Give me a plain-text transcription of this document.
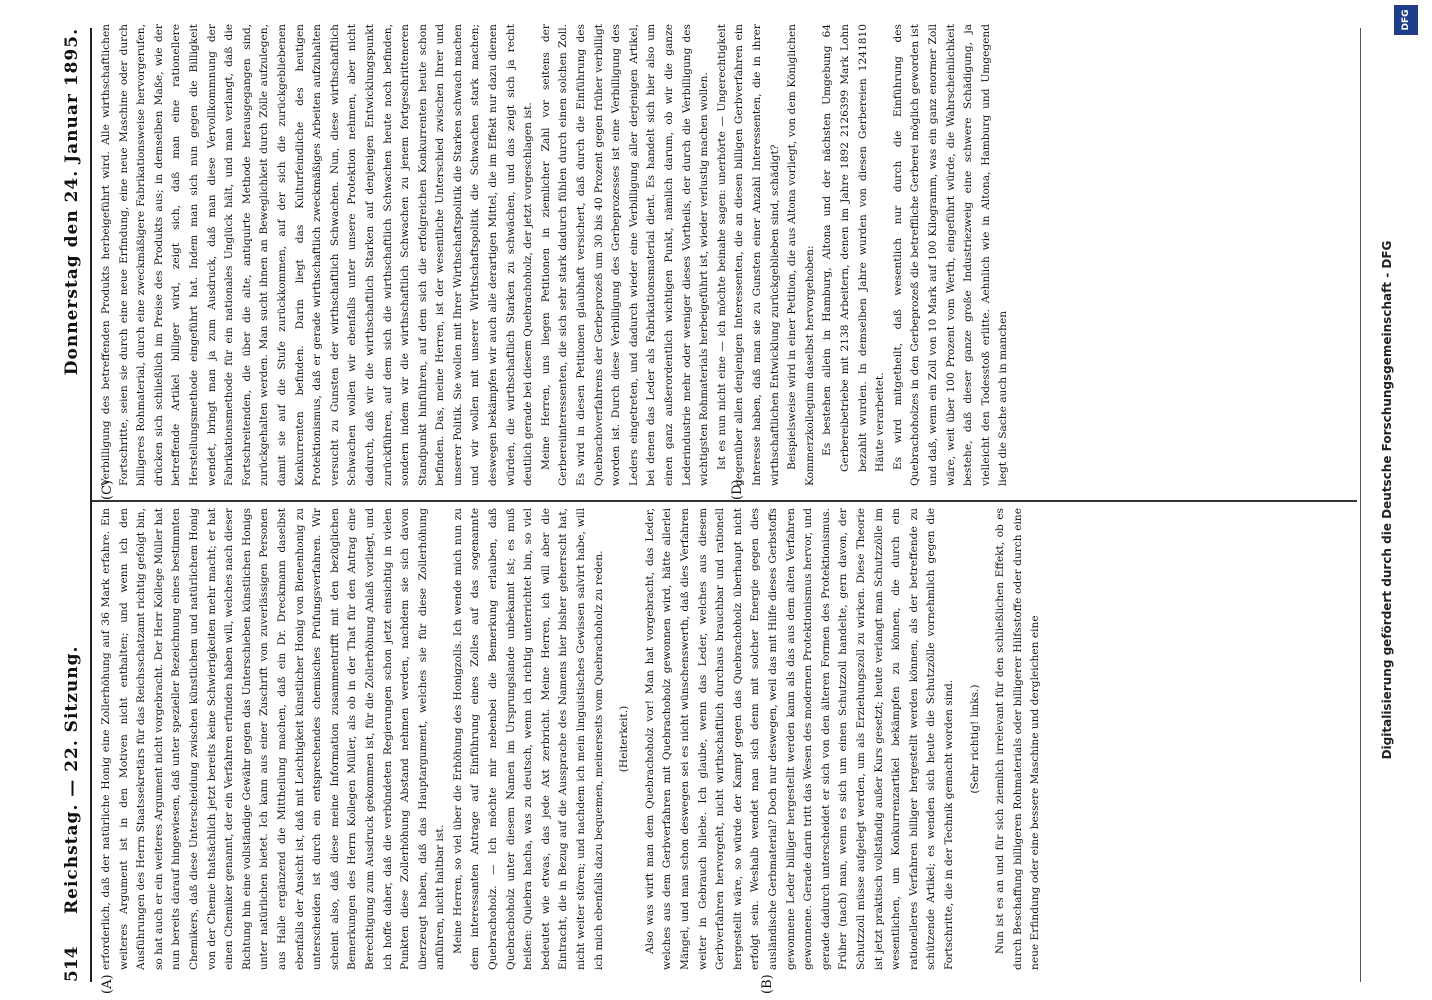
514
Reichstag. — 22. Sitzung.
Donnerstag den 24. Januar 1895.
(A)	(B)
(C)	(D)

erforderlich, daß der natürliche Honig eine Zollerhöhung auf 36 Mark erfahre. Ein weiteres Argument ist in den Motiven nicht enthalten; und wenn ich den Ausführungen des Herrn Staatssekretärs für das Reichsschatzamt richtig gefolgt bin, so hat auch er ein weiteres Argument nicht vorgebracht. Der Herr Kollege Müller hat nun bereits darauf hingewiesen, daß unter spezieller Bezeichnung eines bestimmten Chemikers, daß diese Unterscheidung zwischen künstlichem und natürlichem Honig von der Chemie thatsächlich jetzt bereits keine Schwierigkeiten mehr macht; er hat einen Chemiker genannt, der ein Verfahren erfunden haben will, welches nach dieser Richtung hin eine vollständige Gewähr gegen das Unterschieben künstlichen Honigs unter natürlichen bietet. Ich kann aus einer Zuschrift von zuverlässigen Personen aus Halle ergänzend die Mittheilung machen, daß ein Dr. Dreckmann daselbst ebenfalls der Ansicht ist, daß mit Leichtigkeit künstlicher Honig von Bienenhonig zu unterscheiden ist durch ein entsprechendes chemisches Prüfungsverfahren. Wir scheint also, daß diese meine Information zusammentrifft mit den bezüglichen Bemerkungen des Herrn Kollegen Müller, als ob in der That für den Antrag eine Berechtigung zum Ausdruck gekommen ist, für die Zollerhöhung Anlaß vorliegt, und ich hoffe daher, daß die verbündeten Regierungen schon jetzt einsichtig in vielen Punkten diese Zollerhöhung Abstand nehmen werden, nachdem sie sich davon überzeugt haben, daß das Hauptargument, welches sie für diese Zollerhöhung anführen, nicht haltbar ist. Meine Herren, so viel über die Erhöhung des Honigzolls. Ich wende mich nun zu dem interessanten Antrage auf Einführung eines Zolles auf das sogenannte Quebrachoholz. — Ich möchte mir nebenbei die Bemerkung erlauben, daß Quebrachoholz unter diesem Namen im Ursprungslande unbekannt ist; es muß heißen: Quiebra hacha, was zu deutsch, wenn ich richtig unterrichtet bin, so viel bedeutet wie etwas, das jede Axt zerbricht. Meine Herren, ich will aber die Eintracht, die in Bezug auf die Aussprache des Namens hier bisher geherrscht hat, nicht weiter stören; und nachdem ich mein linguistisches Gewissen salvirt habe, will ich mich ebenfalls dazu bequemen, meinerseits vom Quebrachoholz zu reden.	(Heiterkeit.)	Also was wirft man dem Quebrachoholz vor! Man hat vorgebracht, das Leder, welches aus dem Gerbverfahren mit Quebrachoholz gewonnen wird, hätte allerlei Mängel, und man schon deswegen sei es nicht wünschenswerth, daß dies Verfahren weiter in Gebrauch bliebe. Ich glaube, wenn das Leder, welches aus diesem Gerbverfahren hervorgeht, nicht wirthschaftlich durchaus brauchbar und rationell hergestellt wäre, so würde der Kampf gegen das Quebrachoholz überhaupt nicht erfolgt sein. Weshalb wendet man sich denn mit solcher Energie gegen dies ausländische Gerbmaterial? Doch nur deswegen, weil das mit Hilfe dieses Gerbstoffs gewonnene Leder billiger hergestellt werden kann als das aus dem alten Verfahren gewonnene. Gerade darin tritt das Wesen des modernen Protektionismus hervor, und gerade dadurch unterscheidet er sich von den älteren Formen des Protektionismus. Früher (nach) man, wenn es sich um einen Schutzzoll handelte, gern davon, der Schutzzoll müsse aufgelegt werden, um als Erziehungszoll zu wirken. Diese Theorie ist jetzt praktisch vollständig außer Kurs gesetzt; heute verlangt man Schutzzölle im wesentlichen, um Konkurrenzartikel bekämpfen zu können, die durch ein rationelleres Verfahren billiger hergestellt werden können, als der betreffende zu schützende Artikel; es wenden sich heute die Schutzzölle vornehmlich gegen die Fortschritte, die in der Technik gemacht worden sind.	(Sehr richtig! links.)	Nun ist es an und für sich ziemlich irrelevant für den schließlichen Effekt, ob es durch Beschaffung billigeren Rohmaterials oder billigerer Hilfsstoffe oder durch eine neue Erfindung oder eine bessere Maschine und dergleichen eine

Verbilligung des betreffenden Produkts herbeigeführt wird. Alle wirthschaftlichen Fortschritte, seien sie durch eine neue Erfindung, eine neue Maschine oder durch billigeres Rohmaterial, durch eine zweckmäßigere Fabrikationsweise hervorgerufen, drücken sich schließlich im Preise des Produkts aus; in demselben Maße, wie der betreffende Artikel billiger wird, zeigt sich, daß man eine rationellere Herstellungsmethode eingeführt hat. Indem man sich nun gegen die Billigkeit wendet, bringt man ja zum Ausdruck, daß man diese Vervollkommnung der Fabrikationsmethode für ein nationales Unglück hält, und man verlangt, daß die Fortschreitenden, die über die alte, antiquirte Methode herausgegangen sind, zurückgehalten werden. Man sucht ihnen an Beweglichkeit durch Zölle aufzulegen, damit sie auf die Stufe zurückkommen, auf der sich die zurückgebliebenen Konkurrenten befinden. Darin liegt das Kulturfeindliche des heutigen Protektionismus, daß er gerade wirthschaftlich zweckmäßiges Arbeiten aufzuhalten versucht zu Gunsten der wirthschaftlich Schwachen. Nun, diese wirthschaftlich Schwachen wollen wir ebenfalls unter unsere Protektion nehmen, aber nicht dadurch, daß wir die wirthschaftlich Starken auf denjenigen Entwicklungspunkt zurückführen, auf dem sich die wirthschaftlich Schwachen heute noch befinden, sondern indem wir die wirthschaftlich Schwachen zu jenem fortgeschritteneren Standpunkt hinführen, auf dem sich die erfolgreichen Konkurrenten heute schon befinden. Das, meine Herren, ist der wesentliche Unterschied zwischen Ihrer und unserer Politik. Sie wollen mit Ihrer Wirthschaftspolitik die Starken schwach machen und wir wollen mit unserer Wirthschaftspolitik die Schwachen stark machen; deswegen bekämpfen wir auch alle derartigen Mittel, die im Effekt nur dazu dienen würden, die wirthschaftlich Starken zu schwächen, und das zeigt sich ja recht deutlich gerade bei diesem Quebrachoholz, der jetzt vorgeschlagen ist. Meine Herren, uns liegen Petitionen in ziemlicher Zahl vor seitens der Gerbereiinteressenten, die sich sehr stark dadurch fühlen durch einen solchen Zoll. Es wird in diesen Petitionen glaubhaft versichert, daß durch die Einführung des Quebrachoverfahrens der Gerbeprozeß um 30 bis 40 Prozent gegen früher verbilligt worden ist. Durch diese Verbilligung des Gerbeprozesses ist eine Verbilligung des Leders eingetreten, und dadurch wieder eine Verbilligung aller derjenigen Artikel, bei denen das Leder als Fabrikationsmaterial dient. Es handelt sich hier also um einen ganz außerordentlich wichtigen Punkt, nämlich darum, ob wir die ganze Lederindustrie mehr oder weniger dieses Vortheils, der durch die Verbilligung des wichtigsten Rohmaterials herbeigeführt ist, wieder verlustig machen wollen. Ist es nun nicht eine — ich möchte beinahe sagen: unerhörte — Ungerechtigkeit gegenüber allen denjenigen Interessenten, die an diesen billigen Gerbverfahren ein Interesse haben, daß man sie zu Gunsten einer Anzahl Interessenten, die in ihrer wirthschaftlichen Entwicklung zurückgeblieben sind, schädigt? Beispielsweise wird in einer Petition, die aus Altona vorliegt, von dem Königlichen Kommerzkollegium daselbst hervorgehoben: Es bestehen allein in Hamburg, Altona und der nächsten Umgebung 64 Gerbereibetriebe mit 2138 Arbeitern, denen im Jahre 1892 2126399 Mark Lohn bezahlt wurden. In demselben Jahre wurden von diesen Gerbereien 1241810 Häute verarbeitet. Es wird mitgetheilt, daß wesentlich nur durch die Einführung des Quebrachoholzes in den Gerbeprozeß die betreffliche Gerberei möglich geworden ist und daß, wenn ein Zoll von 10 Mark auf 100 Kilogramm, was ein ganz enormer Zoll wäre, weit über 100 Prozent vom Werth, eingeführt würde, die Wahrscheinlichkeit bestehe, daß dieser ganze große Industriezweig eine schwere Schädigung, ja vielleicht den Todesstoß erlitte. Aehnlich wie in Altona, Hamburg und Umgegend liegt die Sache auch in manchen	Digitalisierung gefördert durch die Deutsche Forschungsgemeinschaft - DFG
DFG
